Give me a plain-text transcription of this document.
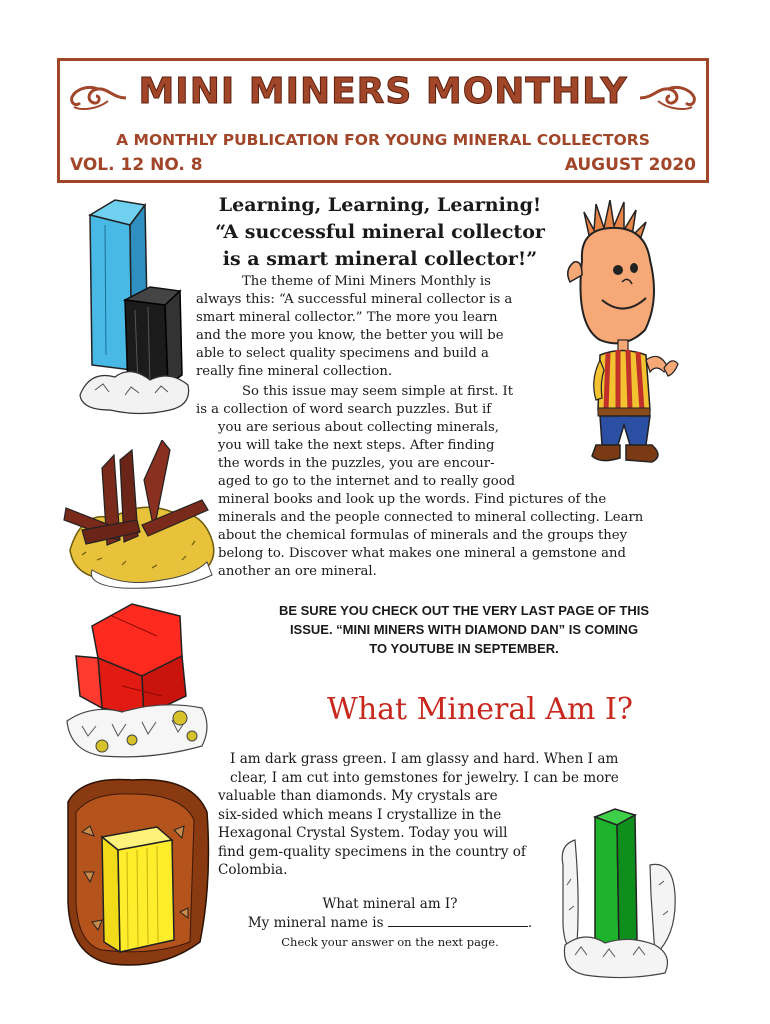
MINI MINERS MONTHLY
A MONTHLY PUBLICATION FOR YOUNG MINERAL COLLECTORS
VOL. 12 NO. 8	AUGUST 2020
Learning, Learning, Learning!
“A successful mineral collector
is a smart mineral collector!”
The theme of Mini Miners Monthly is
always this: “A successful mineral collector is a
smart mineral collector.” The more you learn
and the more you know, the better you will be
able to select quality specimens and build a
really fine mineral collection.
So this issue may seem simple at first. It
is a collection of word search puzzles. But if
you are serious about collecting minerals,
you will take the next steps. After finding
the words in the puzzles, you are encour-
aged to go to the internet and to really good
mineral books and look up the words. Find pictures of the
minerals and the people connected to mineral collecting. Learn
about the chemical formulas of minerals and the groups they
belong to. Discover what makes one mineral a gemstone and
another an ore mineral.
BE SURE YOU CHECK OUT THE VERY LAST PAGE OF THIS
ISSUE. “MINI MINERS WITH DIAMOND DAN” IS COMING
TO YOUTUBE IN SEPTEMBER.
What Mineral Am I?
I am dark grass green. I am glassy and hard. When I am
clear, I am cut into gemstones for jewelry. I can be more
valuable than diamonds. My crystals are
six-sided which means I crystallize in the
Hexagonal Crystal System. Today you will
find gem-quality specimens in the country of
Colombia.
What mineral am I?
My mineral name is	.
Check your answer on the next page.
